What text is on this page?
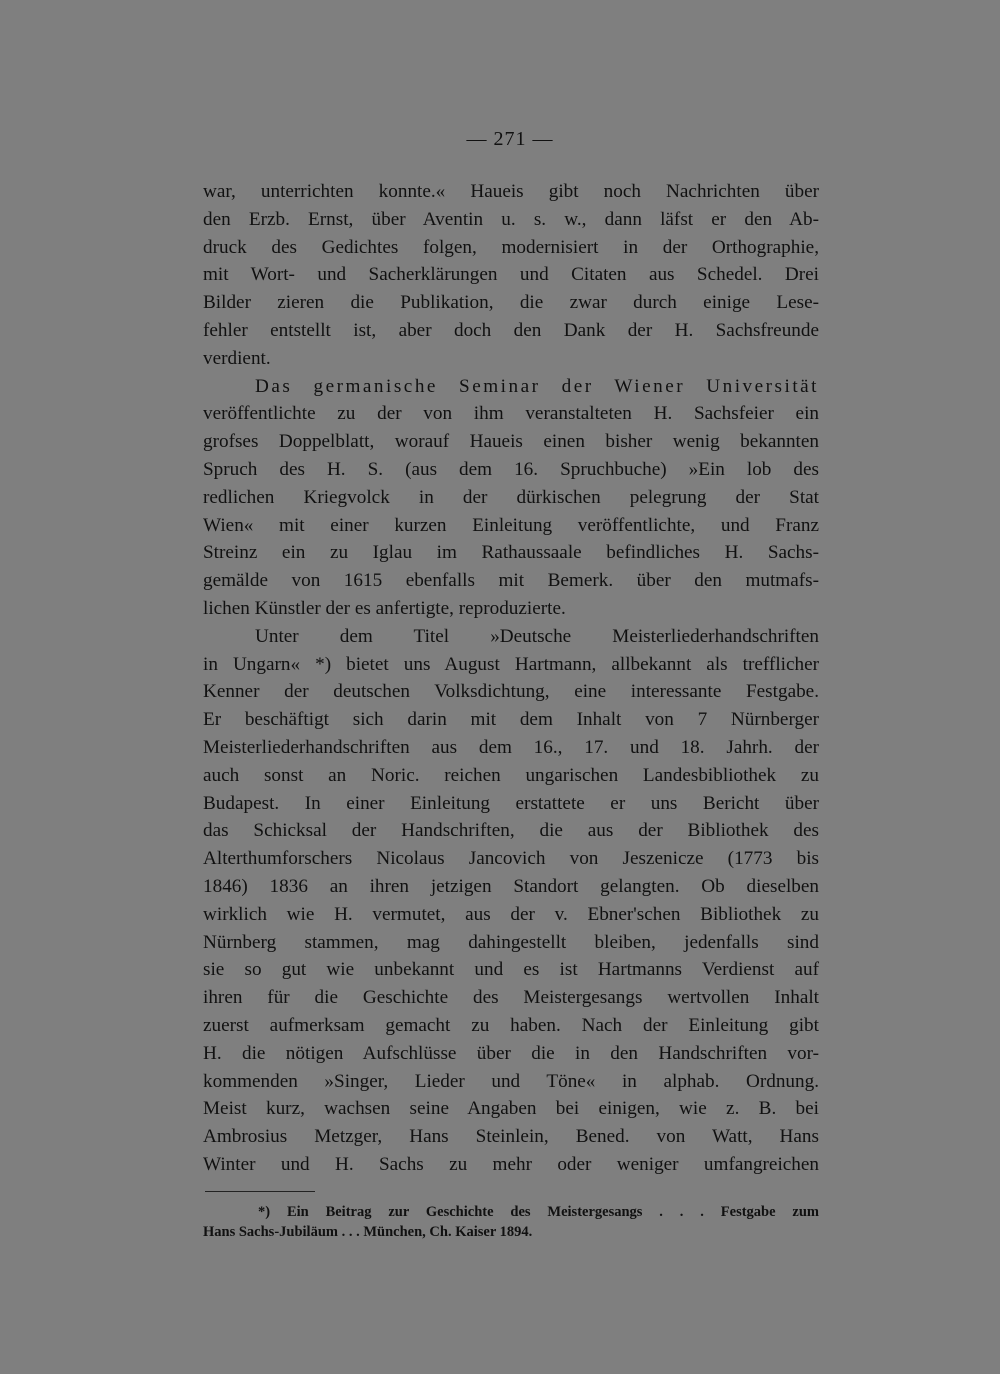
— 271 —
war, unterrichten konnte.« Haueis gibt noch Nachrichten über
den Erzb. Ernst, über Aventin u. s. w., dann läfst er den Ab-
druck des Gedichtes folgen, modernisiert in der Orthographie,
mit Wort- und Sacherklärungen und Citaten aus Schedel. Drei
Bilder zieren die Publikation, die zwar durch einige Lese-
fehler entstellt ist, aber doch den Dank der H. Sachsfreunde
verdient.
Das germanische Seminar der Wiener Universität
veröffentlichte zu der von ihm veranstalteten H. Sachsfeier ein
grofses Doppelblatt, worauf Haueis einen bisher wenig bekannten
Spruch des H. S. (aus dem 16. Spruchbuche) »Ein lob des
redlichen Kriegvolck in der dürkischen pelegrung der Stat
Wien« mit einer kurzen Einleitung veröffentlichte, und Franz
Streinz ein zu Iglau im Rathaussaale befindliches H. Sachs-
gemälde von 1615 ebenfalls mit Bemerk. über den mutmafs-
lichen Künstler der es anfertigte, reproduzierte.
Unter dem Titel »Deutsche Meisterliederhandschriften
in Ungarn« *) bietet uns August Hartmann, allbekannt als trefflicher
Kenner der deutschen Volksdichtung, eine interessante Festgabe.
Er beschäftigt sich darin mit dem Inhalt von 7 Nürnberger
Meisterliederhandschriften aus dem 16., 17. und 18. Jahrh. der
auch sonst an Noric. reichen ungarischen Landesbibliothek zu
Budapest. In einer Einleitung erstattete er uns Bericht über
das Schicksal der Handschriften, die aus der Bibliothek des
Alterthumforschers Nicolaus Jancovich von Jeszenicze (1773 bis
1846) 1836 an ihren jetzigen Standort gelangten. Ob dieselben
wirklich wie H. vermutet, aus der v. Ebner'schen Bibliothek zu
Nürnberg stammen, mag dahingestellt bleiben, jedenfalls sind
sie so gut wie unbekannt und es ist Hartmanns Verdienst auf
ihren für die Geschichte des Meistergesangs wertvollen Inhalt
zuerst aufmerksam gemacht zu haben. Nach der Einleitung gibt
H. die nötigen Aufschlüsse über die in den Handschriften vor-
kommenden »Singer, Lieder und Töne« in alphab. Ordnung.
Meist kurz, wachsen seine Angaben bei einigen, wie z. B. bei
Ambrosius Metzger, Hans Steinlein, Bened. von Watt, Hans
Winter und H. Sachs zu mehr oder weniger umfangreichen
*) Ein Beitrag zur Geschichte des Meistergesangs . . . Festgabe zum
Hans Sachs-Jubiläum . . . München, Ch. Kaiser 1894.
